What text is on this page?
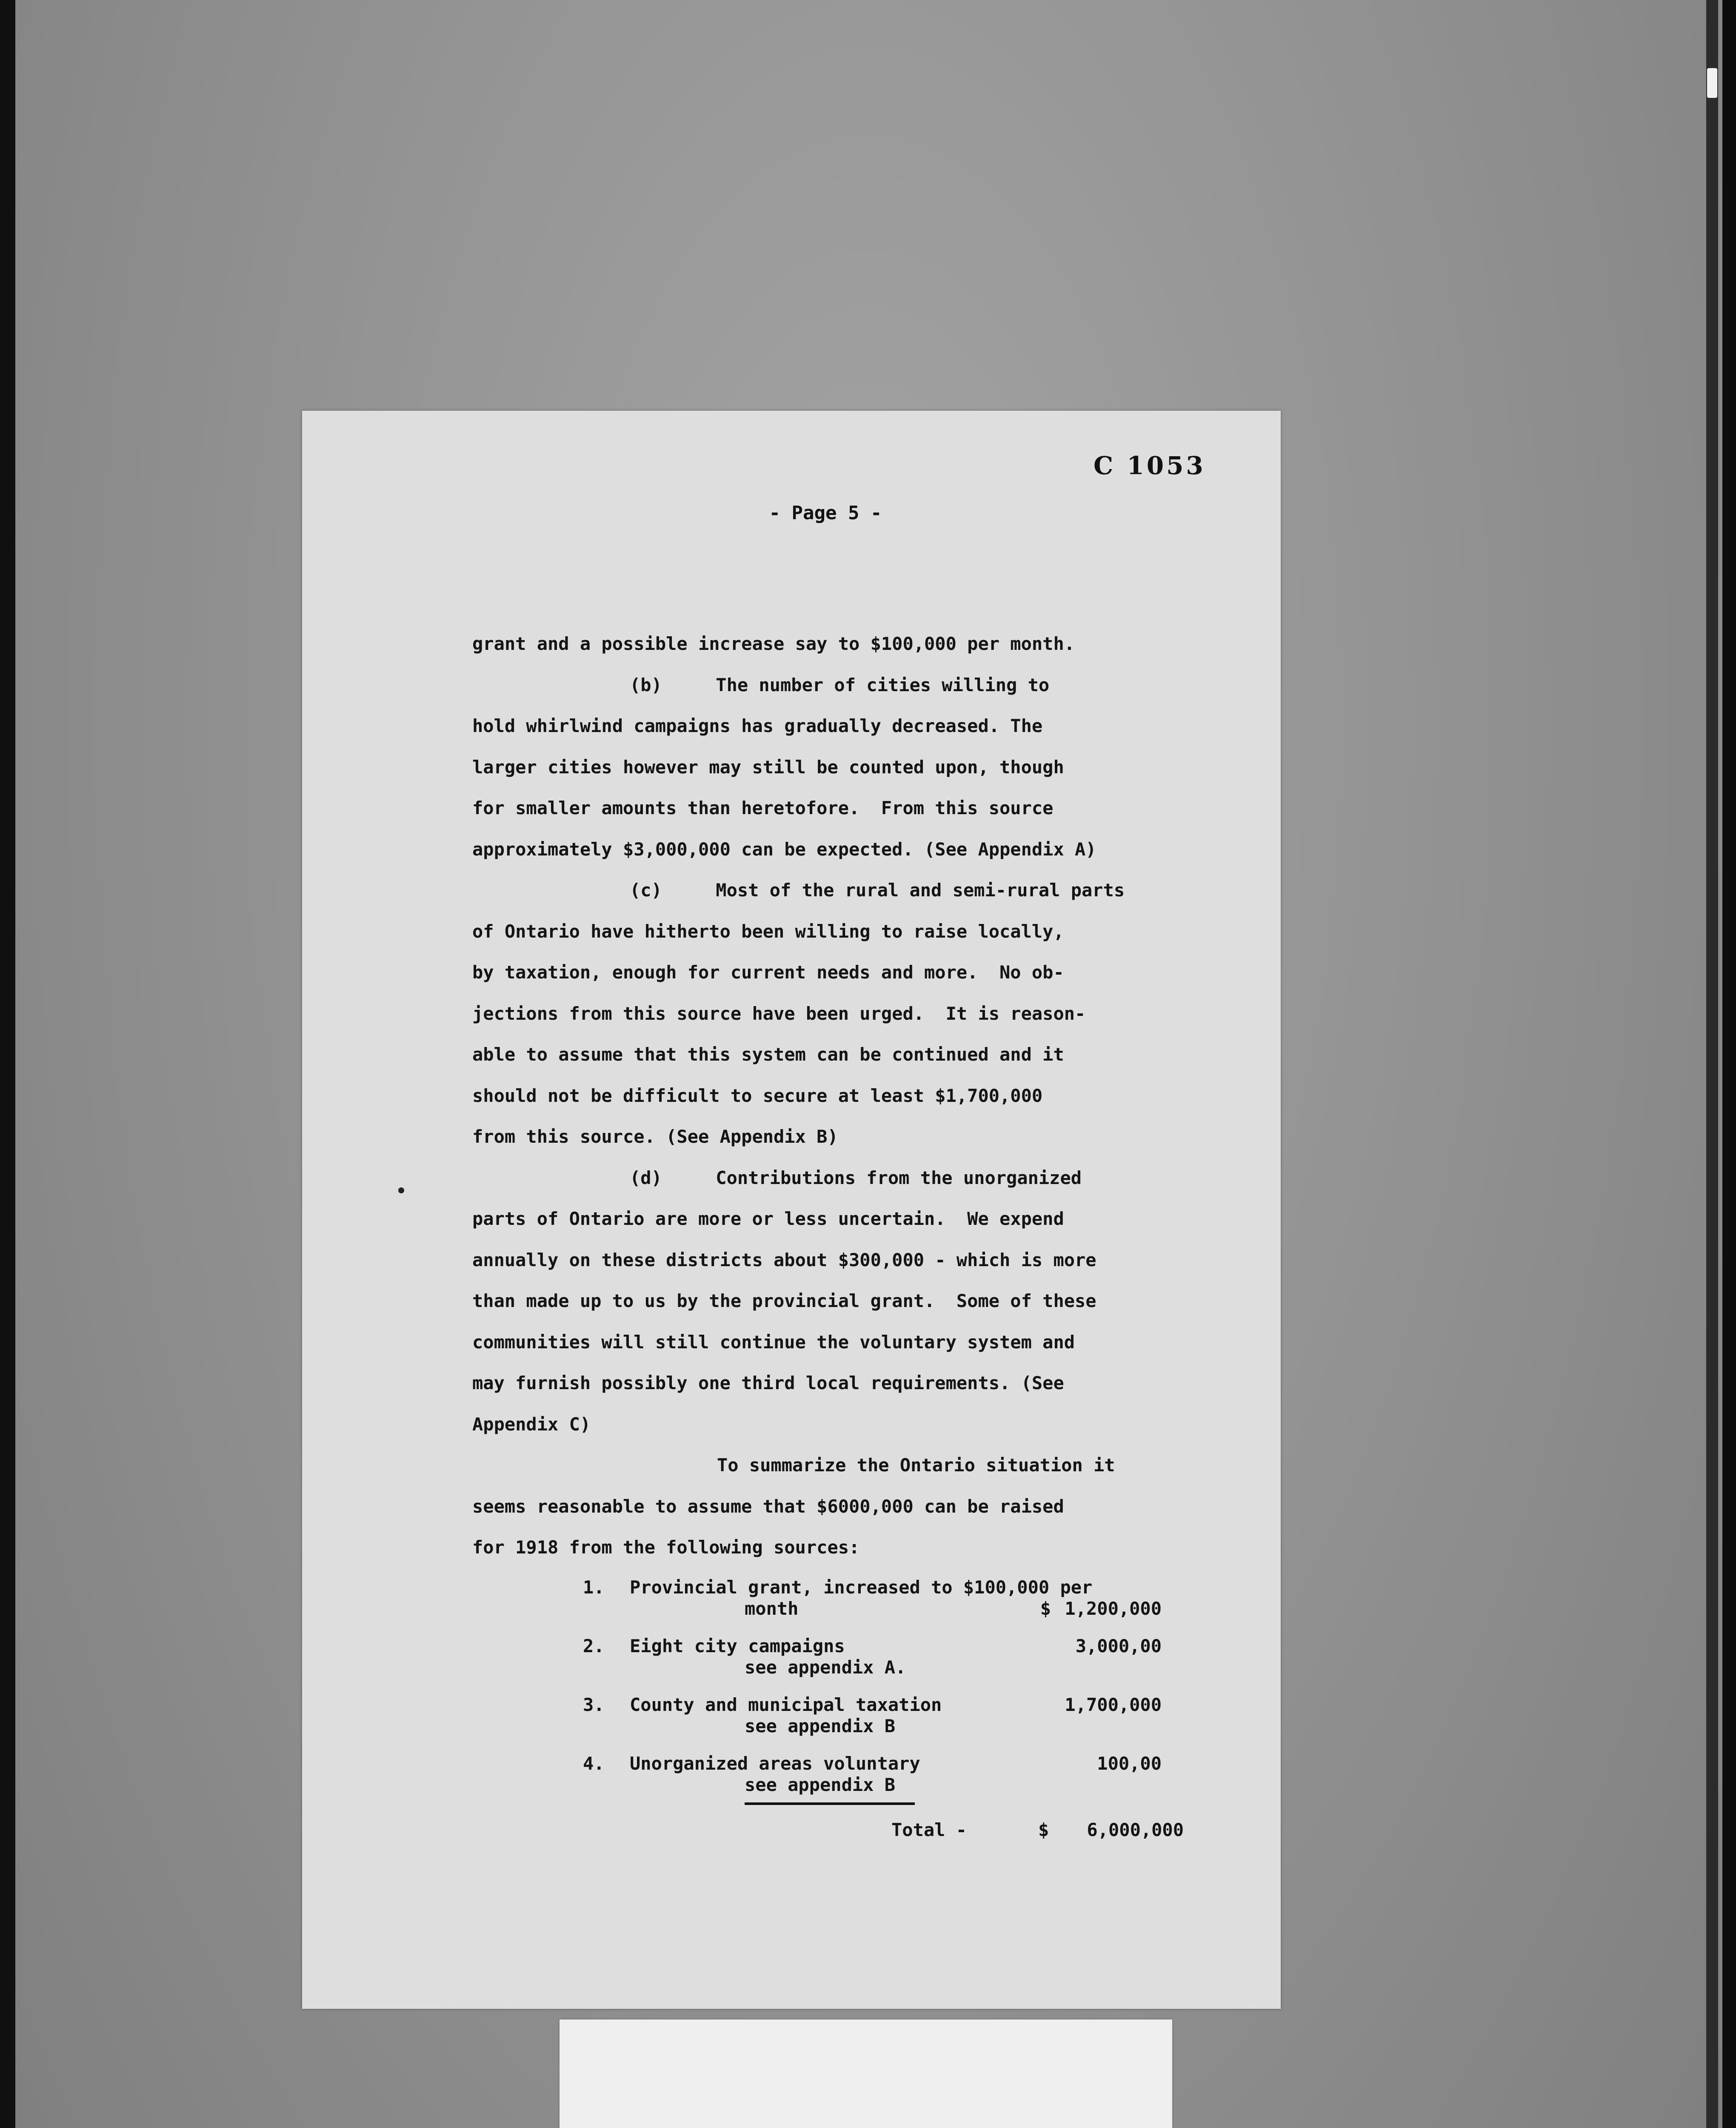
C 1053
- Page 5 -
grant and a possible increase say to $100,000 per month.
(b)     The number of cities willing to
hold whirlwind campaigns has gradually decreased. The
larger cities however may still be counted upon, though
for smaller amounts than heretofore.  From this source
approximately $3,000,000 can be expected. (See Appendix A)
(c)     Most of the rural and semi-rural parts
of Ontario have hitherto been willing to raise locally,
by taxation, enough for current needs and more.  No ob-
jections from this source have been urged.  It is reason-
able to assume that this system can be continued and it
should not be difficult to secure at least $1,700,000
from this source. (See Appendix B)
(d)     Contributions from the unorganized
parts of Ontario are more or less uncertain.  We expend
annually on these districts about $300,000 - which is more
than made up to us by the provincial grant.  Some of these
communities will still continue the voluntary system and
may furnish possibly one third local requirements. (See
Appendix C)
To summarize the Ontario situation it
seems reasonable to assume that $6000,000 can be raised
for 1918 from the following sources:
1. Provincial grant, increased to $100,000 per
month	$ 1,200,000
2. Eight city campaigns
see appendix A.
3,000,00
3. County and municipal taxation
see appendix B
1,700,000
4. Unorganized areas voluntary
see appendix B
100,00
Total -	$ 6,000,000
